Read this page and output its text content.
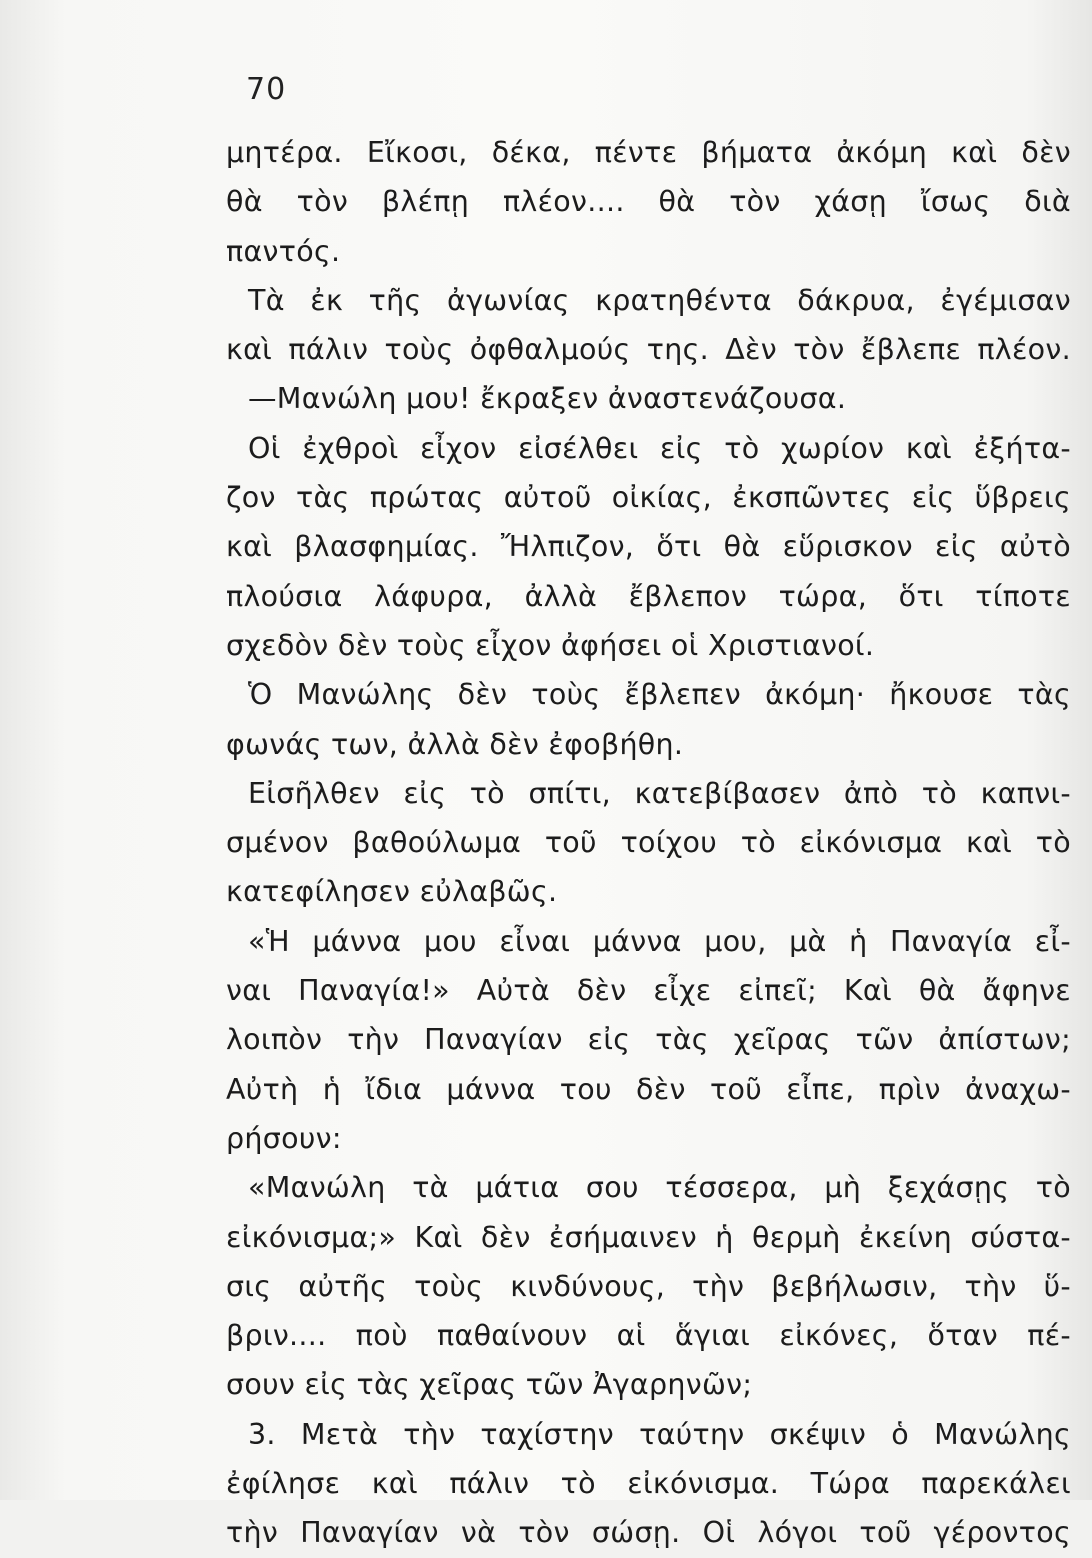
70
μητέρα. Εἴκοσι, δέκα, πέντε βήματα ἀκόμη καὶ δὲν
θὰ τὸν βλέπῃ πλέον.... θὰ τὸν χάσῃ ἴσως διὰ
παντός.
Τὰ ἐκ τῆς ἀγωνίας κρατηθέντα δάκρυα, ἐγέμισαν
καὶ πάλιν τοὺς ὀφθαλμούς της. Δὲν τὸν ἔβλεπε πλέον.
—Μανώλη μου! ἔκραξεν ἀναστενάζουσα.
Οἱ ἐχθροὶ εἶχον εἰσέλθει εἰς τὸ χωρίον καὶ ἐξήτα-
ζον τὰς πρώτας αὐτοῦ οἰκίας, ἐκσπῶντες εἰς ὕβρεις
καὶ βλασφημίας. Ἤλπιζον, ὅτι θὰ εὕρισκον εἰς αὐτὸ
πλούσια λάφυρα, ἀλλὰ ἔβλεπον τώρα, ὅτι τίποτε
σχεδὸν δὲν τοὺς εἶχον ἀφήσει οἱ Χριστιανοί.
Ὁ Μανώλης δὲν τοὺς ἔβλεπεν ἀκόμη· ἤκουσε τὰς
φωνάς των, ἀλλὰ δὲν ἐφοβήθη.
Εἰσῆλθεν εἰς τὸ σπίτι, κατεβίβασεν ἀπὸ τὸ καπνι-
σμένον βαθούλωμα τοῦ τοίχου τὸ εἰκόνισμα καὶ τὸ
κατεφίλησεν εὐλαβῶς.
«Ἡ μάννα μου εἶναι μάννα μου, μὰ ἡ Παναγία εἶ-
ναι Παναγία!» Αὐτὰ δὲν εἶχε εἰπεῖ; Καὶ θὰ ἄφηνε
λοιπὸν τὴν Παναγίαν εἰς τὰς χεῖρας τῶν ἀπίστων;
Αὐτὴ ἡ ἴδια μάννα του δὲν τοῦ εἶπε, πρὶν ἀναχω-
ρήσουν:
«Μανώλη τὰ μάτια σου τέσσερα, μὴ ξεχάσῃς τὸ
εἰκόνισμα;» Καὶ δὲν ἐσήμαινεν ἡ θερμὴ ἐκείνη σύστα-
σις αὐτῆς τοὺς κινδύνους, τὴν βεβήλωσιν, τὴν ὕ-
βριν.... ποὺ παθαίνουν αἱ ἅγιαι εἰκόνες, ὅταν πέ-
σουν εἰς τὰς χεῖρας τῶν Ἀγαρηνῶν;
3. Μετὰ τὴν ταχίστην ταύτην σκέψιν ὁ Μανώλης
ἐφίλησε καὶ πάλιν τὸ εἰκόνισμα. Τώρα παρεκάλει
τὴν Παναγίαν νὰ τὸν σώσῃ. Οἱ λόγοι τοῦ γέροντος
